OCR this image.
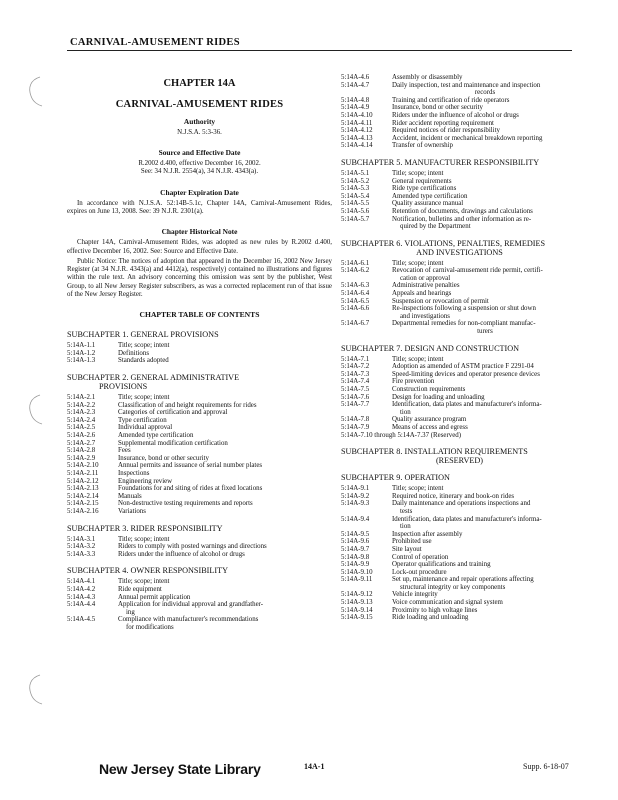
CARNIVAL-AMUSEMENT RIDES
CHAPTER 14A
CARNIVAL-AMUSEMENT RIDES
Authority
N.J.S.A. 5:3-36.
Source and Effective Date
R.2002 d.400, effective December 16, 2002.
See: 34 N.J.R. 2554(a), 34 N.J.R. 4343(a).
Chapter Expiration Date

In accordance with N.J.S.A. 52:14B-5.1c, Chapter 14A, Carnival-Amusement Rides, expires on June 13, 2008. See: 39 N.J.R. 2301(a).

Chapter Historical Note

Chapter 14A, Carnival-Amusement Rides, was adopted as new rules by R.2002 d.400, effective December 16, 2002. See: Source and Effective Date.

Public Notice: The notices of adoption that appeared in the December 16, 2002 New Jersey Register (at 34 N.J.R. 4343(a) and 4412(a), respectively) contained no illustrations and figures within the rule text. An advisory concerning this omission was sent by the publisher, West Group, to all New Jersey Register subscribers, as was a corrected replacement run of that issue of the New Jersey Register.

CHAPTER TABLE OF CONTENTS
SUBCHAPTER 1. GENERAL PROVISIONS
5:14A-1.1	Title; scope; intent
5:14A-1.2	Definitions
5:14A-1.3	Standards adopted
SUBCHAPTER 2. GENERAL ADMINISTRATIVE
PROVISIONS
5:14A-2.1	Title; scope; intent
5:14A-2.2	Classification of and height requirements for rides
5:14A-2.3	Categories of certification and approval
5:14A-2.4	Type certification
5:14A-2.5	Individual approval
5:14A-2.6	Amended type certification
5:14A-2.7	Supplemental modification certification
5:14A-2.8	Fees
5:14A-2.9	Insurance, bond or other security
5:14A-2.10	Annual permits and issuance of serial number plates
5:14A-2.11	Inspections
5:14A-2.12	Engineering review
5:14A-2.13	Foundations for and siting of rides at fixed locations
5:14A-2.14	Manuals
5:14A-2.15	Non-destructive testing requirements and reports
5:14A-2.16	Variations
SUBCHAPTER 3. RIDER RESPONSIBILITY
5:14A-3.1	Title; scope; intent
5:14A-3.2	Riders to comply with posted warnings and directions
5:14A-3.3	Riders under the influence of alcohol or drugs
SUBCHAPTER 4. OWNER RESPONSIBILITY
5:14A-4.1	Title; scope; intent
5:14A-4.2	Ride equipment
5:14A-4.3	Annual permit application
5:14A-4.4	Application for individual approval and grandfather-
ing
5:14A-4.5	Compliance with manufacturer's recommendations
for modifications
5:14A-4.6	Assembly or disassembly
5:14A-4.7	Daily inspection, test and maintenance and inspection
records
5:14A-4.8	Training and certification of ride operators
5:14A-4.9	Insurance, bond or other security
5:14A-4.10	Riders under the influence of alcohol or drugs
5:14A-4.11	Rider accident reporting requirement
5:14A-4.12	Required notices of rider responsibility
5:14A-4.13	Accident, incident or mechanical breakdown reporting
5:14A-4.14	Transfer of ownership
SUBCHAPTER 5. MANUFACTURER RESPONSIBILITY
5:14A-5.1	Title; scope; intent
5:14A-5.2	General requirements
5:14A-5.3	Ride type certifications
5:14A-5.4	Amended type certification
5:14A-5.5	Quality assurance manual
5:14A-5.6	Retention of documents, drawings and calculations
5:14A-5.7	Notification, bulletins and other information as re-
quired by the Department
SUBCHAPTER 6. VIOLATIONS, PENALTIES, REMEDIES
AND INVESTIGATIONS
5:14A-6.1	Title; scope; intent
5:14A-6.2	Revocation of carnival-amusement ride permit, certifi-
cation or approval
5:14A-6.3	Administrative penalties
5:14A-6.4	Appeals and hearings
5:14A-6.5	Suspension or revocation of permit
5:14A-6.6	Re-inspections following a suspension or shut down
and investigations
5:14A-6.7	Departmental remedies for non-compliant manufac-
turers
SUBCHAPTER 7. DESIGN AND CONSTRUCTION
5:14A-7.1	Title; scope; intent
5:14A-7.2	Adoption as amended of ASTM practice F 2291-04
5:14A-7.3	Speed-limiting devices and operator presence devices
5:14A-7.4	Fire prevention
5:14A-7.5	Construction requirements
5:14A-7.6	Design for loading and unloading
5:14A-7.7	Identification, data plates and manufacturer's informa-
tion
5:14A-7.8	Quality assurance program
5:14A-7.9	Means of access and egress
5:14A-7.10 through 5:14A-7.37 (Reserved)
SUBCHAPTER 8. INSTALLATION REQUIREMENTS
(RESERVED)
SUBCHAPTER 9. OPERATION
5:14A-9.1	Title; scope; intent
5:14A-9.2	Required notice, itinerary and book-on rides
5:14A-9.3	Daily maintenance and operations inspections and
tests
5:14A-9.4	Identification, data plates and manufacturer's informa-
tion
5:14A-9.5	Inspection after assembly
5:14A-9.6	Prohibited use
5:14A-9.7	Site layout
5:14A-9.8	Control of operation
5:14A-9.9	Operator qualifications and training
5:14A-9.10	Lock-out procedure
5:14A-9.11	Set up, maintenance and repair operations affecting
structural integrity or key components
5:14A-9.12	Vehicle integrity
5:14A-9.13	Voice communication and signal system
5:14A-9.14	Proximity to high voltage lines
5:14A-9.15	Ride loading and unloading
New Jersey State Library	14A-1	Supp. 6-18-07
